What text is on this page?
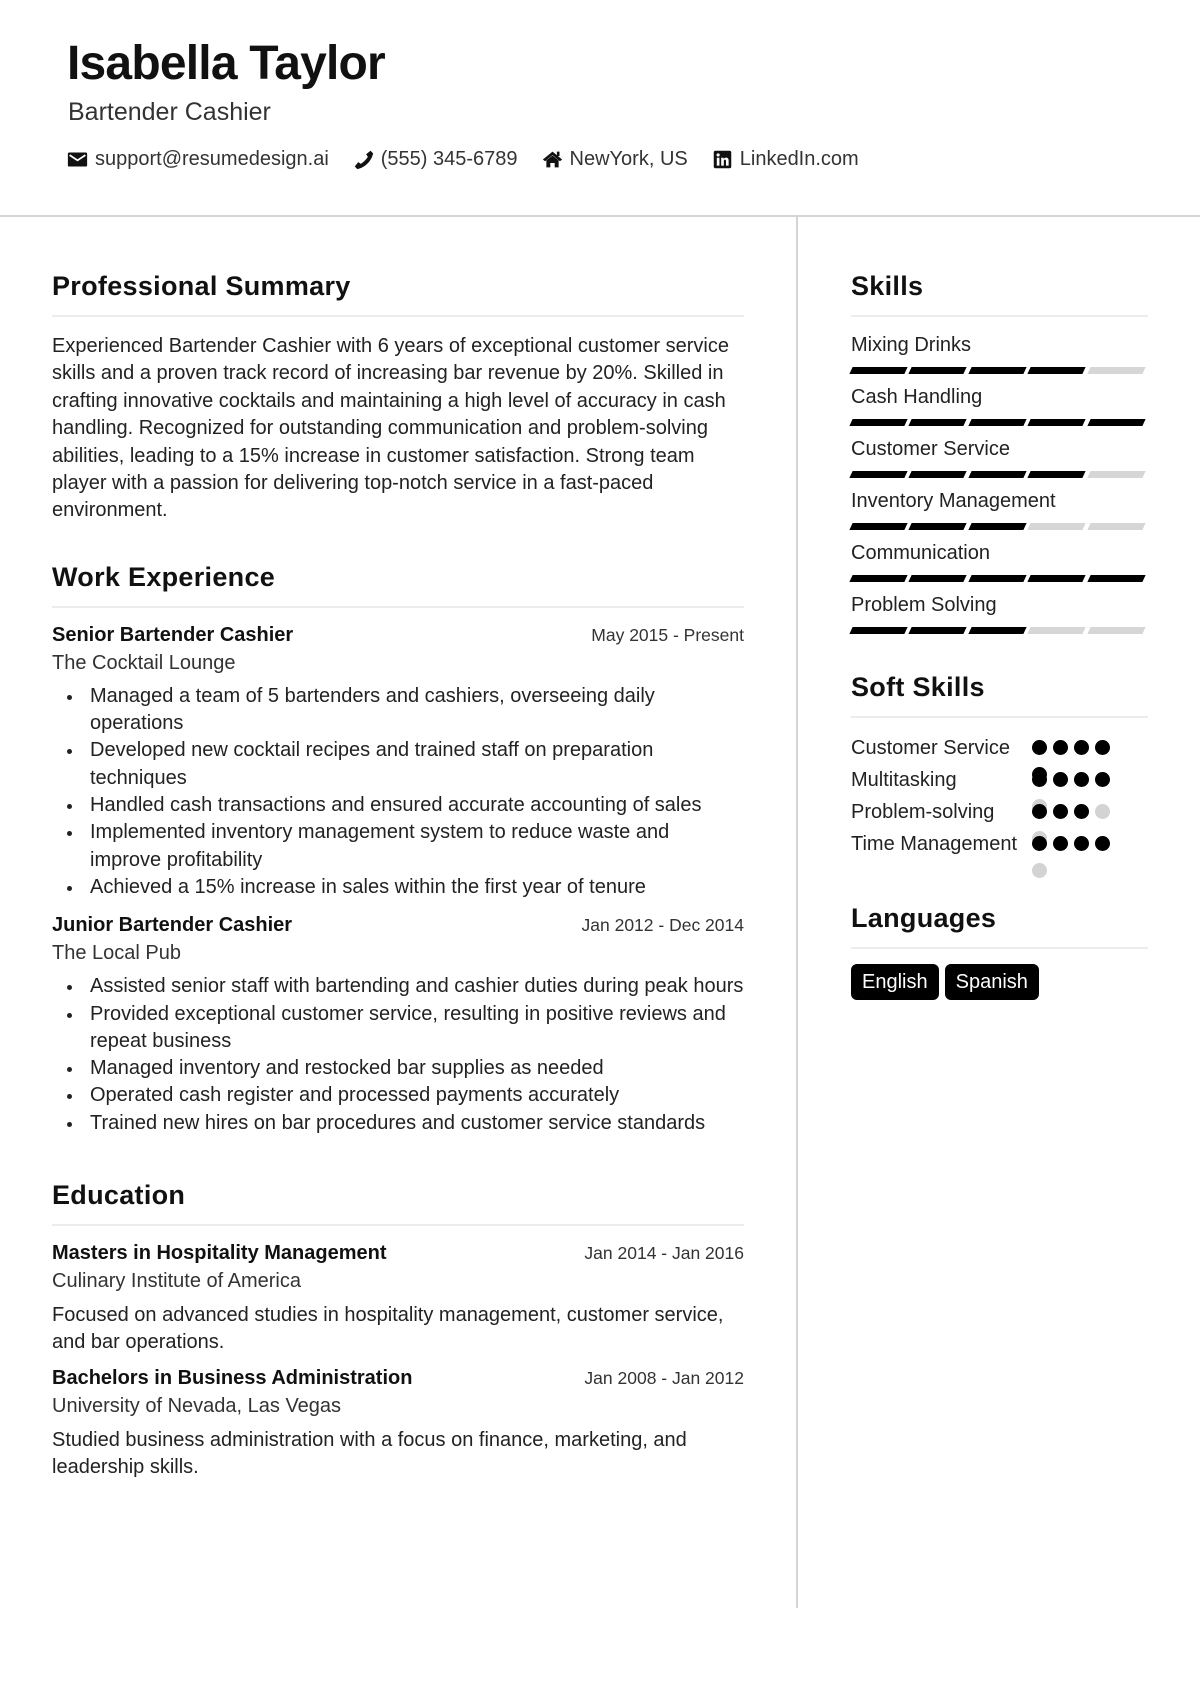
Isabella Taylor
Bartender Cashier
support@resumedesign.ai	(555) 345-6789	NewYork, US	LinkedIn.com
Professional Summary

Experienced Bartender Cashier with 6 years of exceptional customer service skills and a proven track record of increasing bar revenue by 20%. Skilled in crafting innovative cocktails and maintaining a high level of accuracy in cash handling. Recognized for outstanding communication and problem-solving abilities, leading to a 15% increase in customer satisfaction. Strong team player with a passion for delivering top-notch service in a fast-paced environment.

Work Experience
Senior Bartender Cashier	May 2015 - Present
The Cocktail Lounge
Managed a team of 5 bartenders and cashiers, overseeing daily operations
Developed new cocktail recipes and trained staff on preparation techniques
Handled cash transactions and ensured accurate accounting of sales
Implemented inventory management system to reduce waste and improve profitability
Achieved a 15% increase in sales within the first year of tenure
Junior Bartender Cashier	Jan 2012 - Dec 2014
The Local Pub
Assisted senior staff with bartending and cashier duties during peak hours
Provided exceptional customer service, resulting in positive reviews and repeat business
Managed inventory and restocked bar supplies as needed
Operated cash register and processed payments accurately
Trained new hires on bar procedures and customer service standards
Education
Masters in Hospitality Management	Jan 2014 - Jan 2016
Culinary Institute of America

Focused on advanced studies in hospitality management, customer service, and bar operations.

Bachelors in Business Administration	Jan 2008 - Jan 2012
University of Nevada, Las Vegas

Studied business administration with a focus on finance, marketing, and leadership skills.

Skills
Mixing Drinks
Cash Handling
Customer Service
Inventory Management
Communication
Problem Solving
Soft Skills
Customer Service
Multitasking
Problem-solving
Time Management
Languages
English	Spanish
